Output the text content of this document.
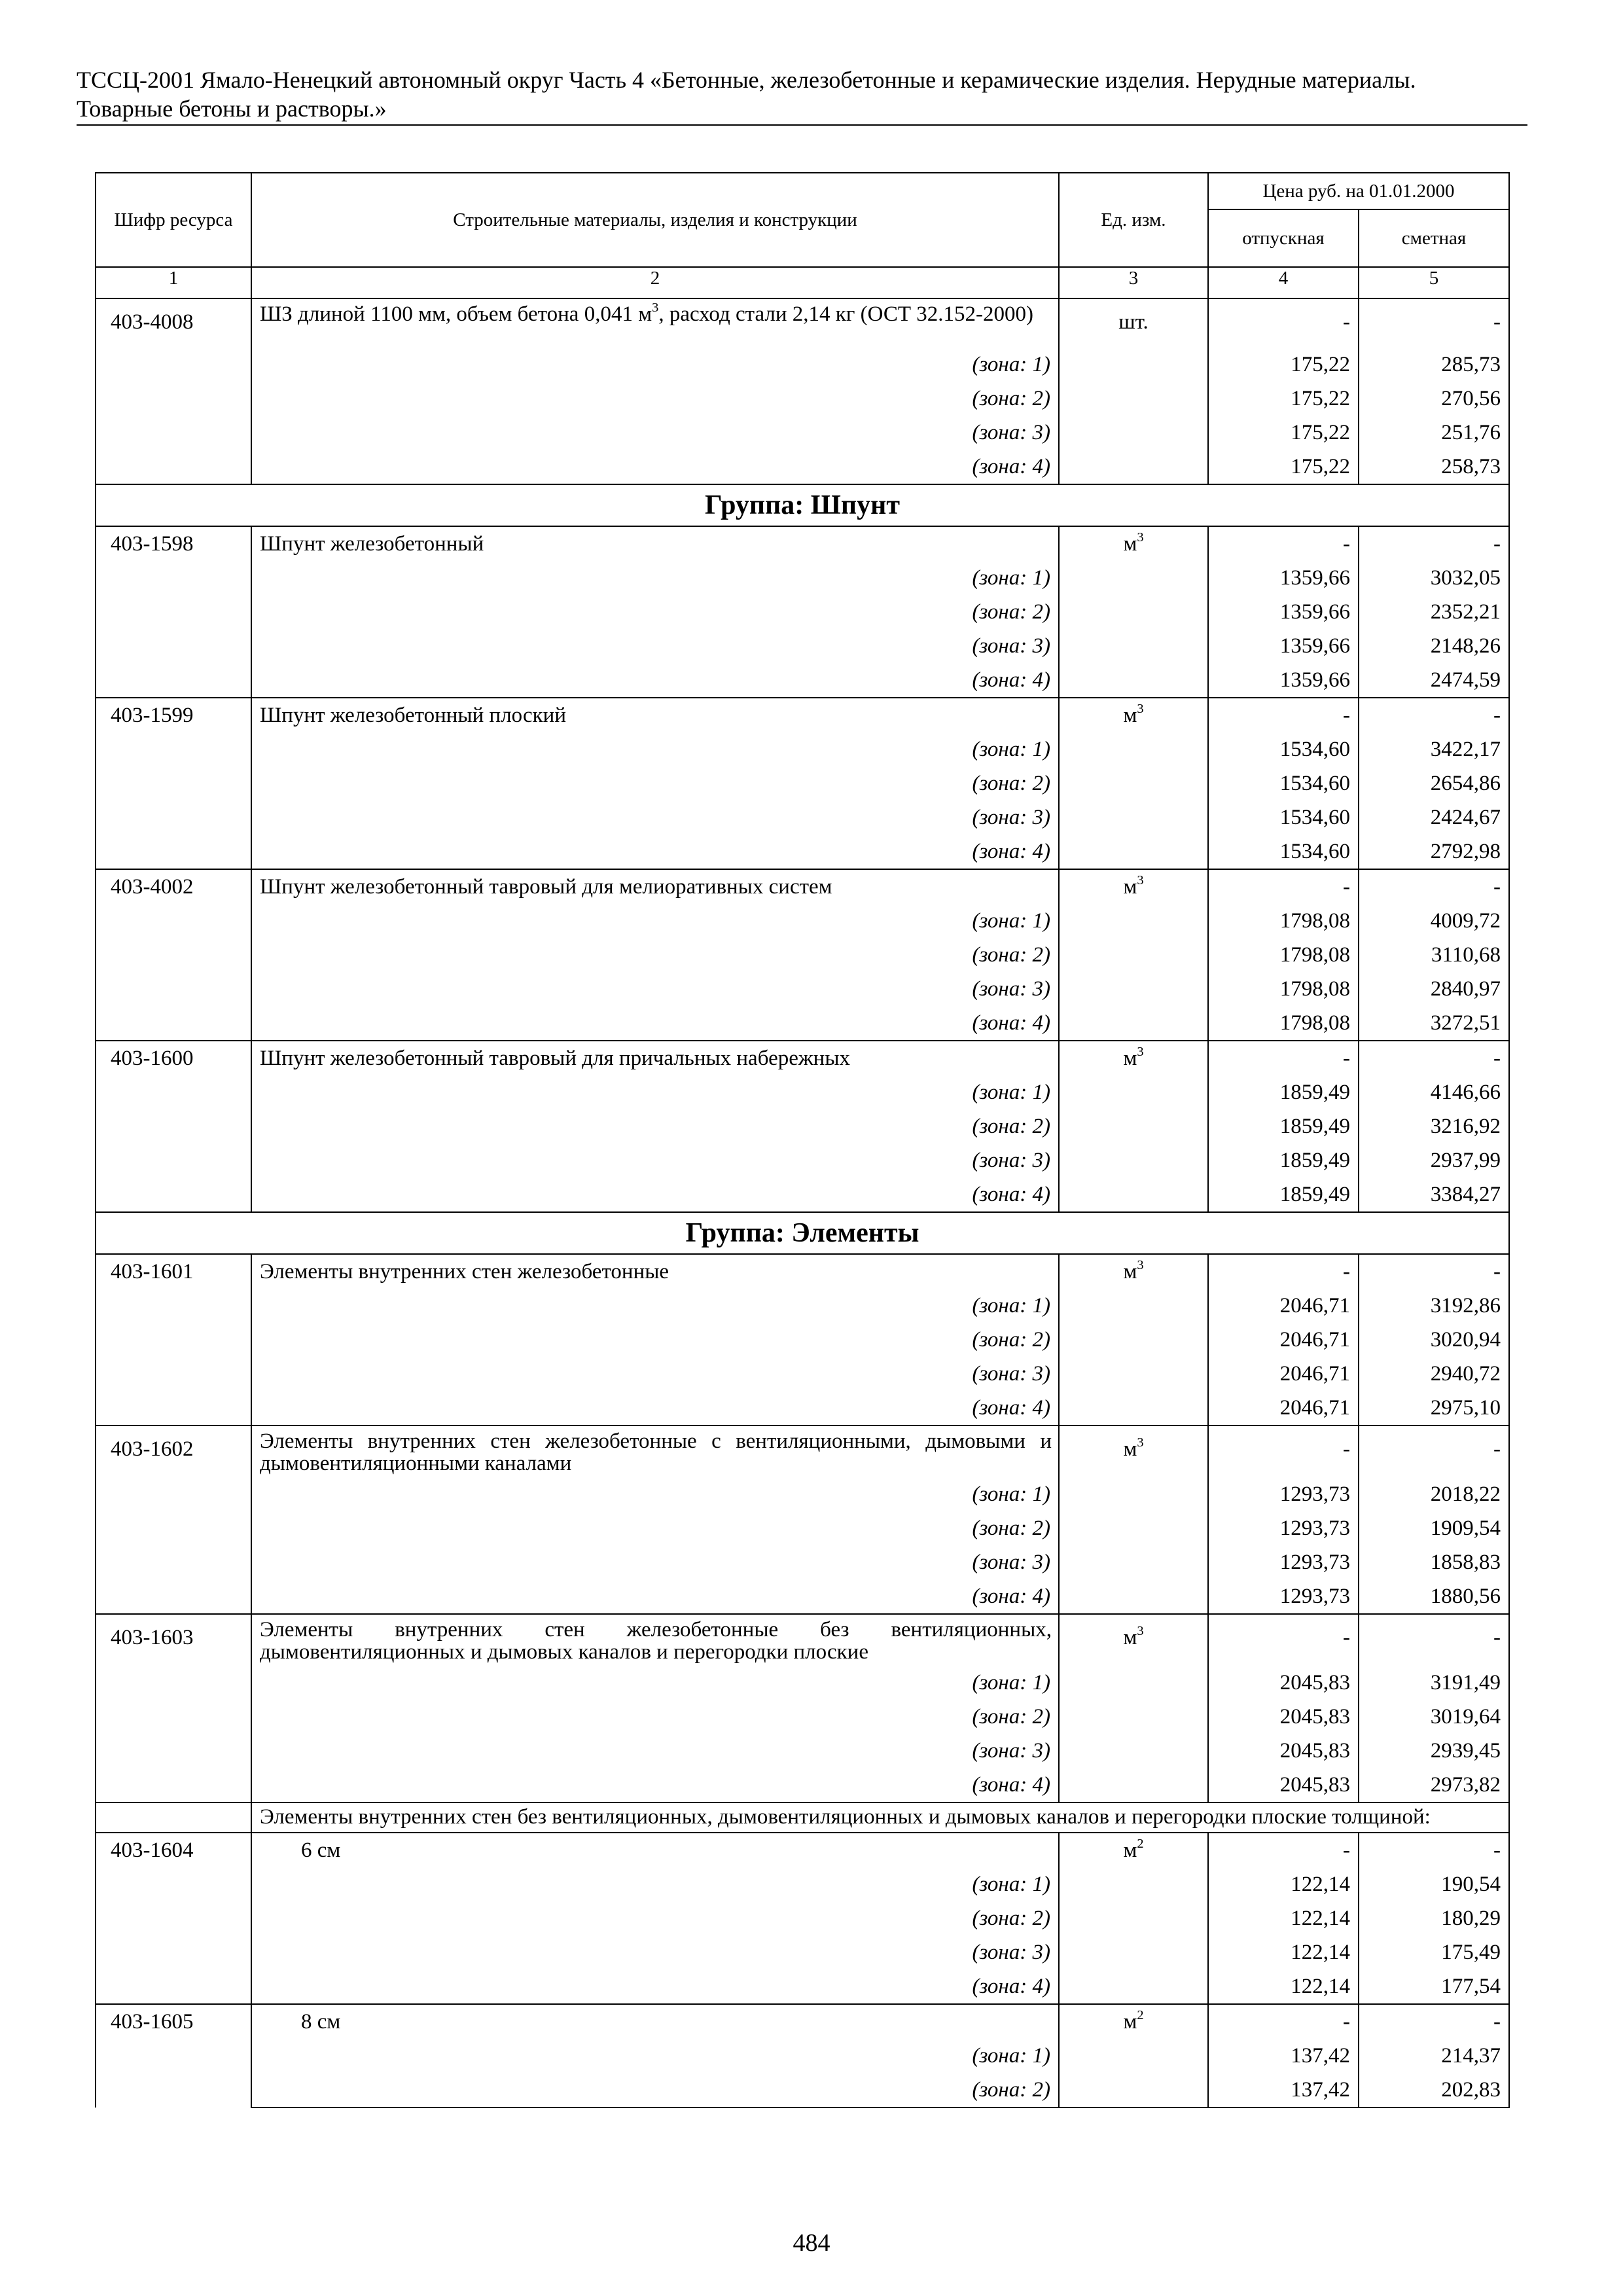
ТССЦ-2001 Ямало-Ненецкий автономный округ Часть 4 «Бетонные, железобетонные и керамические изделия. Нерудные материалы.
Товарные бетоны и растворы.»
Шифр ресурса	Строительные материалы, изделия и конструкции	Ед. изм.	Цена руб. на 01.01.2000	
			отпускная	сметная
1	2	3	4	5
403-4008	ШЗ длиной 1100 мм, объем бетона 0,041 $м^3$, расход стали 2,14 кг (ОСТ 32.152-2000)	шт.	-	-
	(зона: 1)		175,22	285,73
	(зона: 2)		175,22	270,56
	(зона: 3)		175,22	251,76
	(зона: 4)		175,22	258,73
Группа: Шпунт				
403-1598	Шпунт железобетонный	$м^3$	-	-
	(зона: 1)		1359,66	3032,05
	(зона: 2)		1359,66	2352,21
	(зона: 3)		1359,66	2148,26
	(зона: 4)		1359,66	2474,59
403-1599	Шпунт железобетонный плоский	$м^3$	-	-
	(зона: 1)		1534,60	3422,17
	(зона: 2)		1534,60	2654,86
	(зона: 3)		1534,60	2424,67
	(зона: 4)		1534,60	2792,98
403-4002	Шпунт железобетонный тавровый для мелиоративных систем	$м^3$	-	-
	(зона: 1)		1798,08	4009,72
	(зона: 2)		1798,08	3110,68
	(зона: 3)		1798,08	2840,97
	(зона: 4)		1798,08	3272,51
403-1600	Шпунт железобетонный тавровый для причальных набережных	$м^3$	-	-
	(зона: 1)		1859,49	4146,66
	(зона: 2)		1859,49	3216,92
	(зона: 3)		1859,49	2937,99
	(зона: 4)		1859,49	3384,27
Группа: Элементы				
403-1601	Элементы внутренних стен железобетонные	$м^3$	-	-
	(зона: 1)		2046,71	3192,86
	(зона: 2)		2046,71	3020,94
	(зона: 3)		2046,71	2940,72
	(зона: 4)		2046,71	2975,10
403-1602	Элементы внутренних стен железобетонные с вентиляционными, дымовыми и дымовентиляционными каналами	$м^3$	-	-
	(зона: 1)		1293,73	2018,22
	(зона: 2)		1293,73	1909,54
	(зона: 3)		1293,73	1858,83
	(зона: 4)		1293,73	1880,56
403-1603	Элементы внутренних стен железобетонные без вентиляционных, дымовентиляционных и дымовых каналов и перегородки плоские	$м^3$	-	-
	(зона: 1)		2045,83	3191,49
	(зона: 2)		2045,83	3019,64
	(зона: 3)		2045,83	2939,45
	(зона: 4)		2045,83	2973,82
	Элементы внутренних стен без вентиляционных, дымовентиляционных и дымовых каналов и перегородки плоские толщиной:			
403-1604	6 см	$м^2$	-	-
	(зона: 1)		122,14	190,54
	(зона: 2)		122,14	180,29
	(зона: 3)		122,14	175,49
	(зона: 4)		122,14	177,54
403-1605	8 см	$м^2$	-	-
	(зона: 1)		137,42	214,37
	(зона: 2)		137,42	202,83
484
